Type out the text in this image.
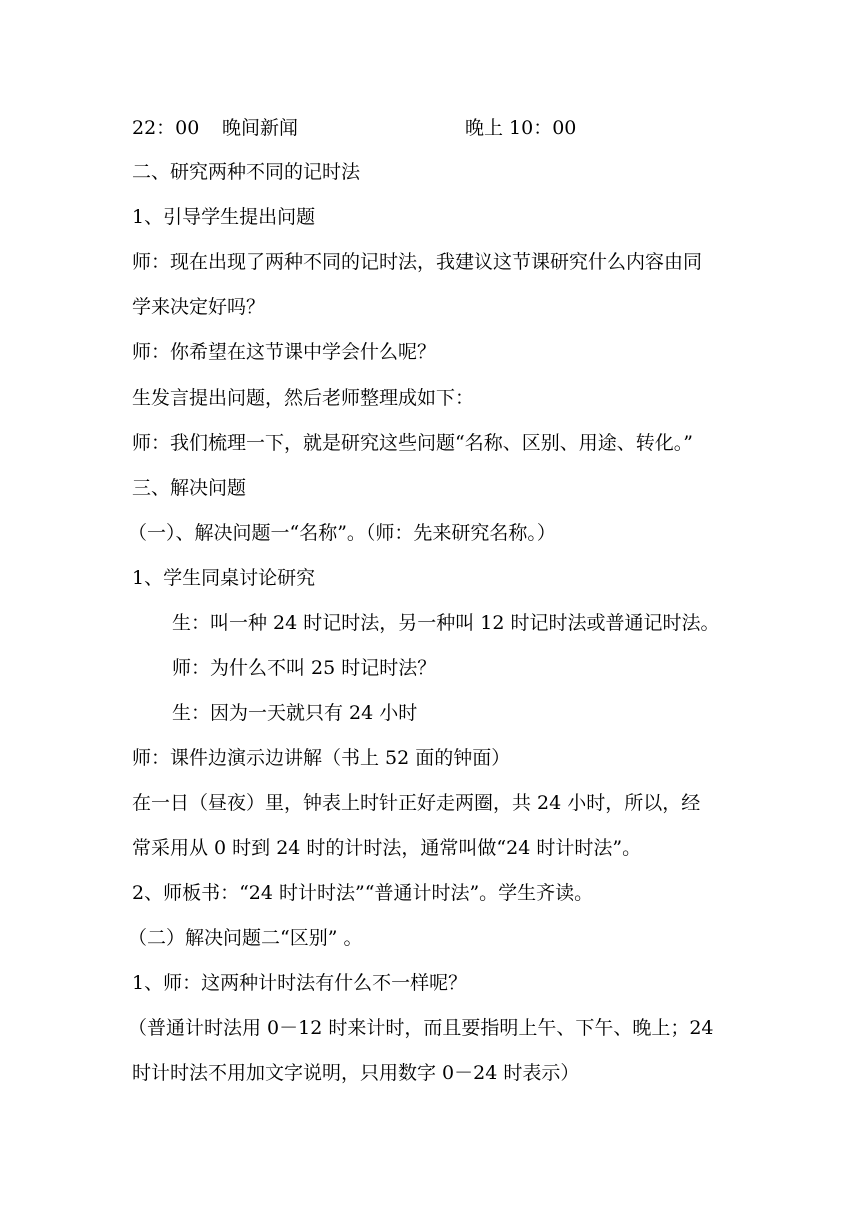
22：00 晚间新闻	晚上 10：00
二、研究两种不同的记时法
1、引导学生提出问题
师：现在出现了两种不同的记时法，我建议这节课研究什么内容由同
学来决定好吗？
师：你希望在这节课中学会什么呢？
生发言提出问题，然后老师整理成如下：
师：我们梳理一下，就是研究这些问题“名称、区别、用途、转化。”
三、解决问题
（一）、解决问题一“名称”。（师：先来研究名称。）
1、学生同桌讨论研究
生：叫一种 24 时记时法，另一种叫 12 时记时法或普通记时法。
师：为什么不叫 25 时记时法？
生：因为一天就只有 24 小时
师：课件边演示边讲解（书上 52 面的钟面）
在一日（昼夜）里，钟表上时针正好走两圈，共 24 小时，所以，经
常采用从 0 时到 24 时的计时法，通常叫做“24 时计时法”。
2、师板书：“24 时计时法”“普通计时法”。学生齐读。
（二）解决问题二“区别” 。
1、师：这两种计时法有什么不一样呢？
（普通计时法用 0－12 时来计时，而且要指明上午、下午、晚上；24
时计时法不用加文字说明，只用数字 0－24 时表示）
